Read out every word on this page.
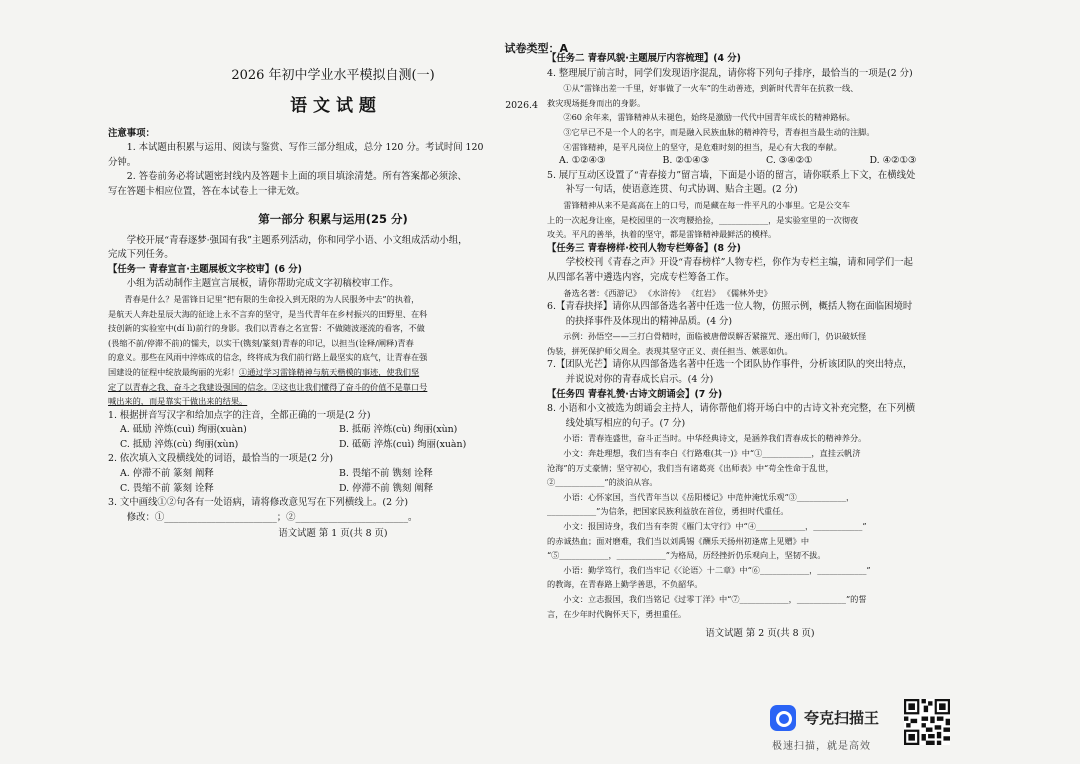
试卷类型：A

2026 年初中学业水平模拟自测(一)

语 文 试 题	2026.4

注意事项：

1. 本试题由积累与运用、阅读与鉴赏、写作三部分组成，总分 120 分。考试时间 120

分钟。

2. 答卷前务必将试题密封线内及答题卡上面的项目填涂清楚。所有答案都必须涂、

写在答题卡相应位置，答在本试卷上一律无效。

第一部分 积累与运用(25 分)

学校开展“青春逐梦·强国有我”主题系列活动，你和同学小语、小文组成活动小组，

完成下列任务。

【任务一 青春宣言·主题展板文字校审】(6 分)

小组为活动制作主题宣言展板，请你帮助完成文字初稿校审工作。

青春是什么？是雷锋日记里“把有限的生命投入到无限的为人民服务中去”的执着，

是航天人奔赴星辰大海的征途上永不言弃的坚守，是当代青年在乡村振兴的田野里、在科

技创新的实验室中(dí lì)前行的身影。我们以青春之名宣誓：不做随波逐流的看客，不做

(畏缩不前/停滞不前)的懦夫，以实干(镌刻/篆刻)青春的印记，以担当(诠释/阐释)青春

的意义。那些在风雨中淬炼成的信念，终将成为我们前行路上最坚实的底气，让青春在强

国建设的征程中绽放最绚丽的光彩！①通过学习雷锋精神与航天楷模的事迹，使我们坚

定了以青春之我、奋斗之我建设强国的信念。②这也让我们懂得了奋斗的价值不是靠口号

喊出来的，而是靠实干做出来的结果。

1. 根据拼音写汉字和给加点字的注音，全都正确的一项是(2 分)

A. 砥励 淬炼(cuì) 绚丽(xuàn)	B. 抵砺 淬炼(cù) 绚丽(xùn)
C. 抵励 淬炼(cù) 绚丽(xùn)	D. 砥砺 淬炼(cuì) 绚丽(xuàn)

2. 依次填入文段横线处的词语，最恰当的一项是(2 分)

A. 停滞不前 篆刻 阐释	B. 畏缩不前 镌刻 诠释
C. 畏缩不前 篆刻 诠释	D. 停滞不前 镌刻 阐释

3. 文中画线①②句各有一处语病，请将修改意见写在下列横线上。(2 分)

修改：①________________________；②________________________。

语文试题 第 1 页(共 8 页)

【任务二 青春风貌·主题展厅内容梳理】(4 分)

4. 整理展厅前言时，同学们发现语序混乱，请你将下列句子排序，最恰当的一项是(2 分)

①从“雷锋出差一千里，好事做了一火车”的生动善迹，到新时代青年在抗救一线、

救灾现场挺身而出的身影。

②60 余年来，雷锋精神从未褪色，始终是激励一代代中国青年成长的精神路标。

③它早已不是一个人的名字，而是融入民族血脉的精神符号，青春担当最生动的注脚。

④雷锋精神，是平凡岗位上的坚守，是危难时刻的担当，是心有大我的奉献。

A. ①②④③	B. ②①④③	C. ③④②①	D. ④②①③

5. 展厅互动区设置了“青春接力”留言墙，下面是小语的留言，请你联系上下文，在横线处

补写一句话，使语意连贯、句式协调、贴合主题。(2 分)

雷锋精神从来不是高高在上的口号，而是藏在每一件平凡的小事里。它是公交车

上的一次起身让座，是校园里的一次弯腰拾捡，____________，是实验室里的一次彻夜

攻关。平凡的善举，执着的坚守，都是雷锋精神最鲜活的模样。

【任务三 青春榜样·校刊人物专栏筹备】(8 分)

学校校刊《青春之声》开设“青春榜样”人物专栏，你作为专栏主编，请和同学们一起

从四部名著中遴选内容，完成专栏筹备工作。

备选名著：《西游记》 《水浒传》 《红岩》 《儒林外史》

6.【青春抉择】请你从四部备选名著中任选一位人物，仿照示例，概括人物在面临困境时

的抉择事件及体现出的精神品质。(4 分)

示例：孙悟空——三打白骨精时，面临被唐僧误解否紧箍咒、逐出师门，仍识破妖怪

伪装，拼死保护师父周全。表现其坚守正义、责任担当、嫉恶如仇。

7.【团队光芒】请你从四部备选名著中任选一个团队协作事件，分析该团队的突出特点，

并说说对你的青春成长启示。(4 分)

【任务四 青春礼赞·古诗文朗诵会】(7 分)

8. 小语和小文被选为朗诵会主持人，请你帮他们将开场白中的古诗文补充完整，在下列横

线处填写相应的句子。(7 分)

小语：青春连盛世，奋斗正当时。中华经典诗文，是涵养我们青春成长的精神养分。

小文：奔赴理想，我们当有李白《行路难(其一)》中“①____________，直挂云帆济

沧海”的万丈豪情；坚守初心，我们当有诸葛亮《出师表》中“苟全性命于乱世，

②____________”的淡泊从容。

小语：心怀家国，当代青年当以《岳阳楼记》中范仲淹忧乐观“③____________，

____________”为信条，把国家民族利益放在首位，勇担时代重任。

小文：报国诗身，我们当有李贺《雁门太守行》中“④____________，____________”

的赤诚热血；面对磨难，我们当以刘禹锡《酬乐天扬州初逢席上见赠》中

“⑤____________，____________”为格局，历经挫折仍乐观向上，坚韧不拔。

小语：勤学笃行，我们当牢记《〈论语〉十二章》中“⑥____________，____________”

的教诲，在青春路上勤学善思，不负韶华。

小文：立志报国，我们当铭记《过零丁洋》中“⑦____________，____________”的誓

言，在少年时代胸怀天下，勇担重任。

语文试题 第 2 页(共 8 页)

夸克扫描王
极速扫描，就是高效
